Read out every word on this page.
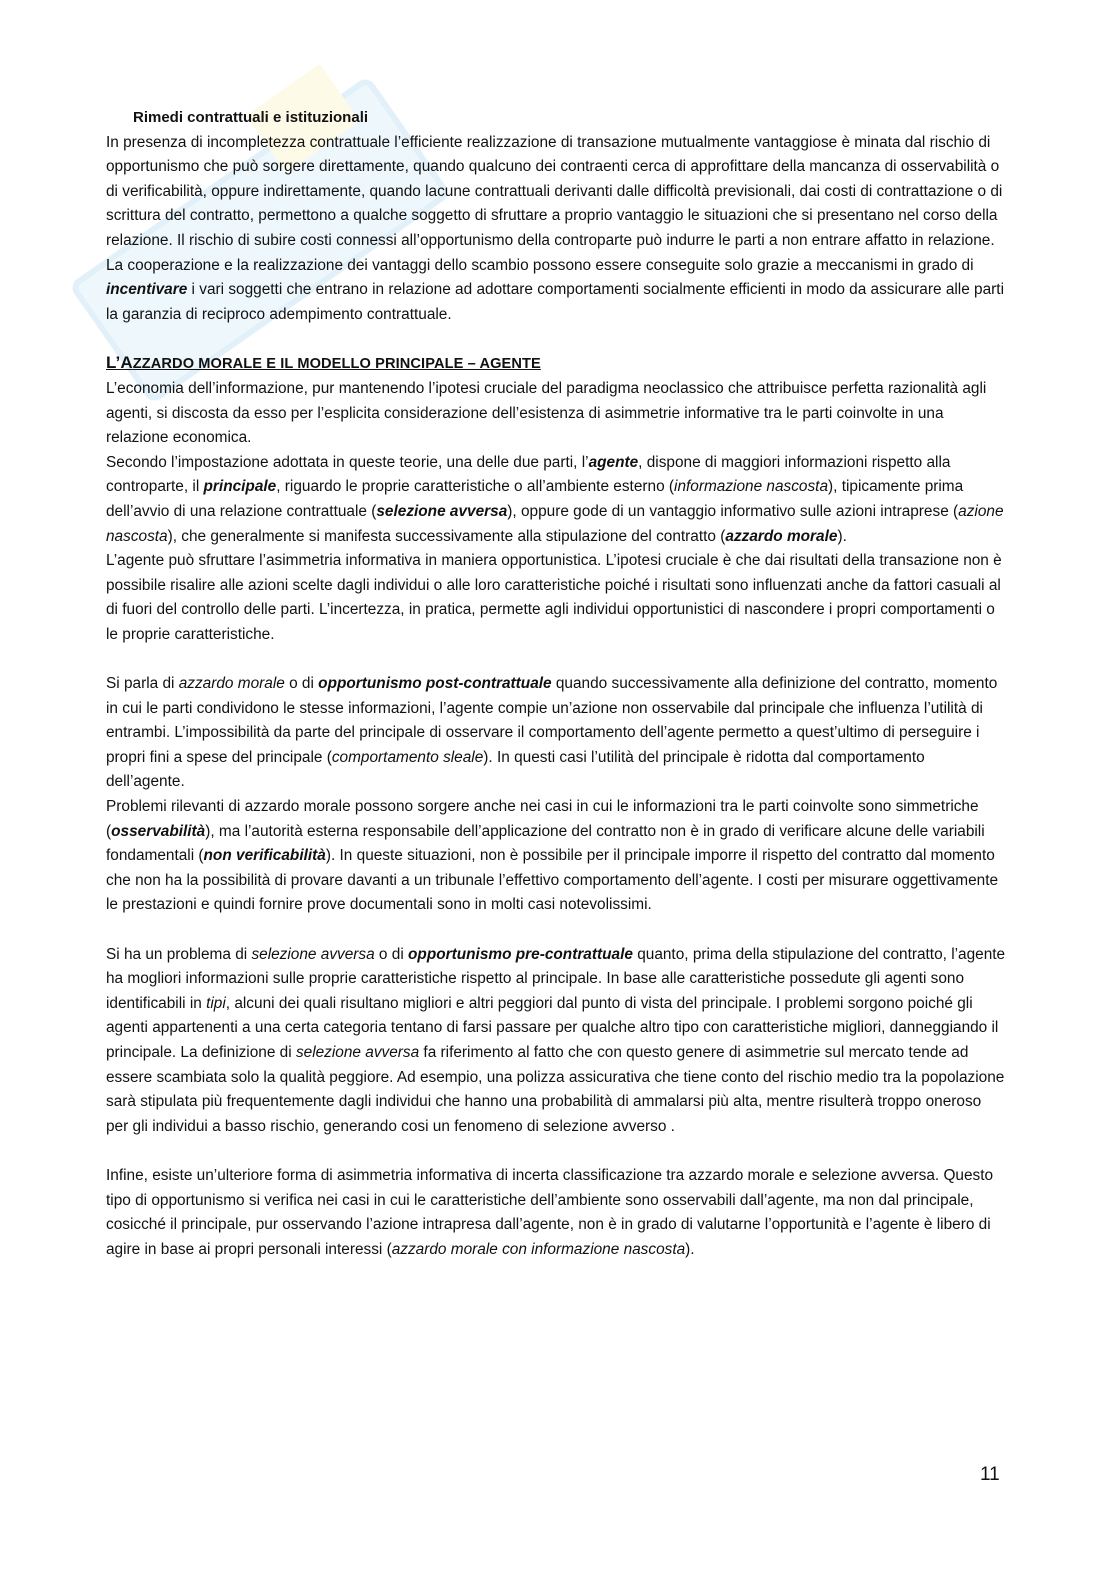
Rimedi contrattuali e istituzionali

In presenza di incompletezza contrattuale l’efficiente realizzazione di transazione mutualmente vantaggiose è minata dal rischio di opportunismo che può sorgere direttamente, quando qualcuno dei contraenti cerca di approfittare della mancanza di osservabilità o di verificabilità, oppure indirettamente, quando lacune contrattuali derivanti dalle difficoltà previsionali, dai costi di contrattazione o di scrittura del contratto, permettono a qualche soggetto di sfruttare a proprio vantaggio le situazioni che si presentano nel corso della relazione. Il rischio di subire costi connessi all’opportunismo della controparte può indurre le parti a non entrare affatto in relazione.

La cooperazione e la realizzazione dei vantaggi dello scambio possono essere conseguite solo grazie a meccanismi in grado di incentivare i vari soggetti che entrano in relazione ad adottare comportamenti socialmente efficienti in modo da assicurare alle parti la garanzia di reciproco adempimento contrattuale.

L’AZZARDO MORALE E IL MODELLO PRINCIPALE – AGENTE

L’economia dell’informazione, pur mantenendo l’ipotesi cruciale del paradigma neoclassico che attribuisce perfetta razionalità agli agenti, si discosta da esso per l’esplicita considerazione dell’esistenza di asimmetrie informative tra le parti coinvolte in una relazione economica.

Secondo l’impostazione adottata in queste teorie, una delle due parti, l’agente, dispone di maggiori informazioni rispetto alla controparte, il principale, riguardo le proprie caratteristiche o all’ambiente esterno (informazione nascosta), tipicamente prima dell’avvio di una relazione contrattuale (selezione avversa), oppure gode di un vantaggio informativo sulle azioni intraprese (azione nascosta), che generalmente si manifesta successivamente alla stipulazione del contratto (azzardo morale).

L’agente può sfruttare l’asimmetria informativa in maniera opportunistica. L’ipotesi cruciale è che dai risultati della transazione non è possibile risalire alle azioni scelte dagli individui o alle loro caratteristiche poiché i risultati sono influenzati anche da fattori casuali al di fuori del controllo delle parti. L’incertezza, in pratica, permette agli individui opportunistici di nascondere i propri comportamenti o le proprie caratteristiche.

Si parla di azzardo morale o di opportunismo post-contrattuale quando successivamente alla definizione del contratto, momento in cui le parti condividono le stesse informazioni, l’agente compie un’azione non osservabile dal principale che influenza l’utilità di entrambi. L’impossibilità da parte del principale di osservare il comportamento dell’agente permetto a quest’ultimo di perseguire i propri fini a spese del principale (comportamento sleale). In questi casi l’utilità del principale è ridotta dal comportamento dell’agente.

Problemi rilevanti di azzardo morale possono sorgere anche nei casi in cui le informazioni tra le parti coinvolte sono simmetriche (osservabilità), ma l’autorità esterna responsabile dell’applicazione del contratto non è in grado di verificare alcune delle variabili fondamentali (non verificabilità). In queste situazioni, non è possibile per il principale imporre il rispetto del contratto dal momento che non ha la possibilità di provare davanti a un tribunale l’effettivo comportamento dell’agente. I costi per misurare oggettivamente le prestazioni e quindi fornire prove documentali sono in molti casi notevolissimi.

Si ha un problema di selezione avversa o di opportunismo pre-contrattuale quanto, prima della stipulazione del contratto, l’agente ha mogliori informazioni sulle proprie caratteristiche rispetto al principale. In base alle caratteristiche possedute gli agenti sono identificabili in tipi, alcuni dei quali risultano migliori e altri peggiori dal punto di vista del principale. I problemi sorgono poiché gli agenti appartenenti a una certa categoria tentano di farsi passare per qualche altro tipo con caratteristiche migliori, danneggiando il principale. La definizione di selezione avversa fa riferimento al fatto che con questo genere di asimmetrie sul mercato tende ad essere scambiata solo la qualità peggiore. Ad esempio, una polizza assicurativa che tiene conto del rischio medio tra la popolazione sarà stipulata più frequentemente dagli individui che hanno una probabilità di ammalarsi più alta, mentre risulterà troppo oneroso per gli individui a basso rischio, generando cosi un fenomeno di selezione avverso .

Infine, esiste un’ulteriore forma di asimmetria informativa di incerta classificazione tra azzardo morale e selezione avversa. Questo tipo di opportunismo si verifica nei casi in cui le caratteristiche dell’ambiente sono osservabili dall’agente, ma non dal principale, cosicché il principale, pur osservando l’azione intrapresa dall’agente, non è in grado di valutarne l’opportunità e l’agente è libero di agire in base ai propri personali interessi (azzardo morale con informazione nascosta).

11
